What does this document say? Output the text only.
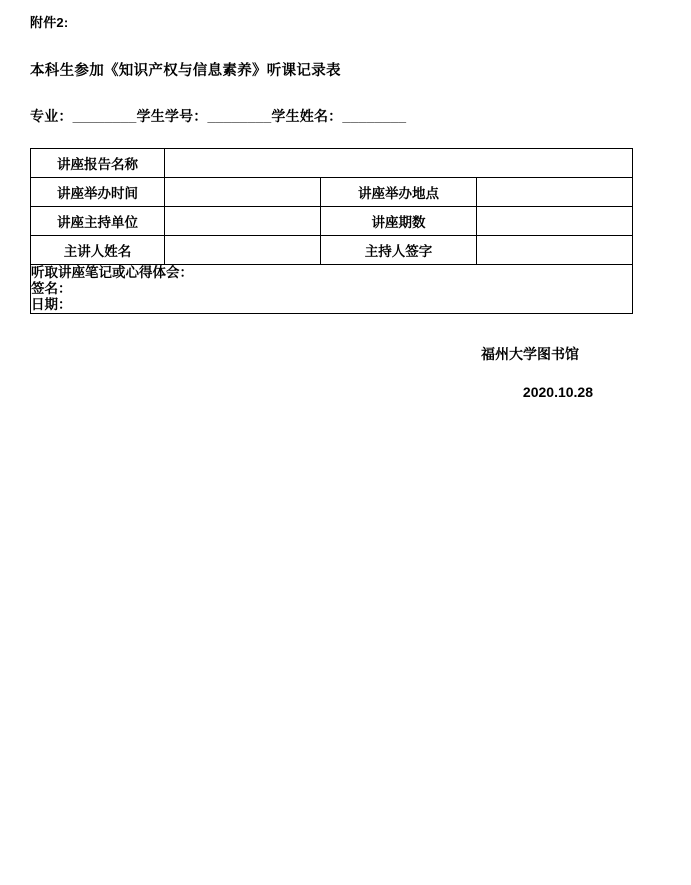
附件2:
本科生参加《知识产权与信息素养》听课记录表
专业：________学生学号：________学生姓名：________
讲座报告名称			
讲座举办时间		讲座举办地点	
讲座主持单位		讲座期数	
主讲人姓名		主持人签字	

听取讲座笔记或心得体会：
签名：
日期：			
福州大学图书馆
2020.10.28
